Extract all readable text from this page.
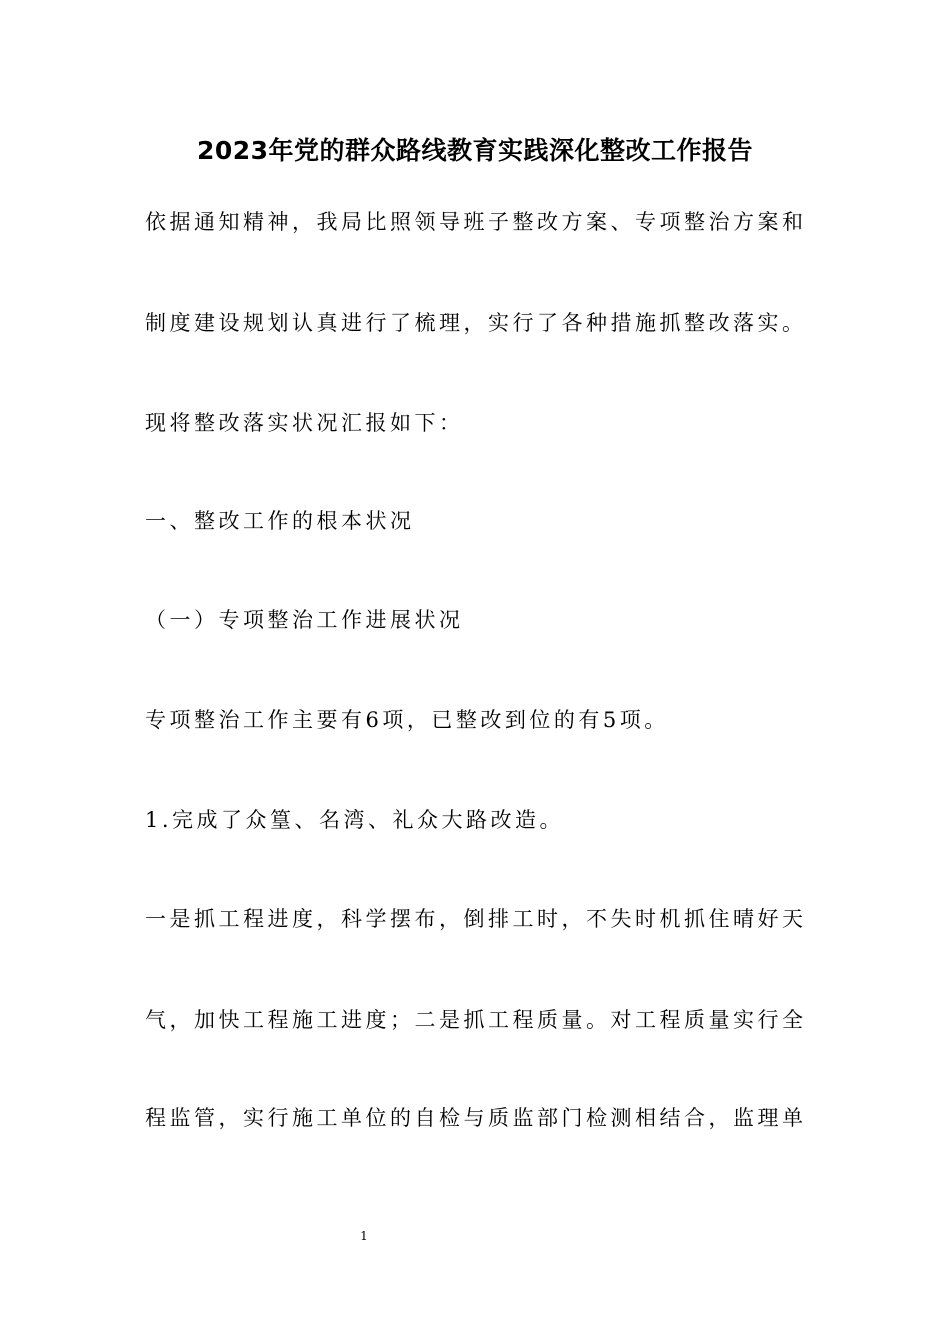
2023年党的群众路线教育实践深化整改工作报告

依据通知精神，我局比照领导班子整改方案、专项整治方案和

制度建设规划认真进行了梳理，实行了各种措施抓整改落实。

现将整改落实状况汇报如下：

一、整改工作的根本状况

（一）专项整治工作进展状况

专项整治工作主要有6项，已整改到位的有5项。

1.完成了众篁、名湾、礼众大路改造。

一是抓工程进度，科学摆布，倒排工时，不失时机抓住晴好天

气，加快工程施工进度；二是抓工程质量。对工程质量实行全

程监管，实行施工单位的自检与质监部门检测相结合，监理单

1
